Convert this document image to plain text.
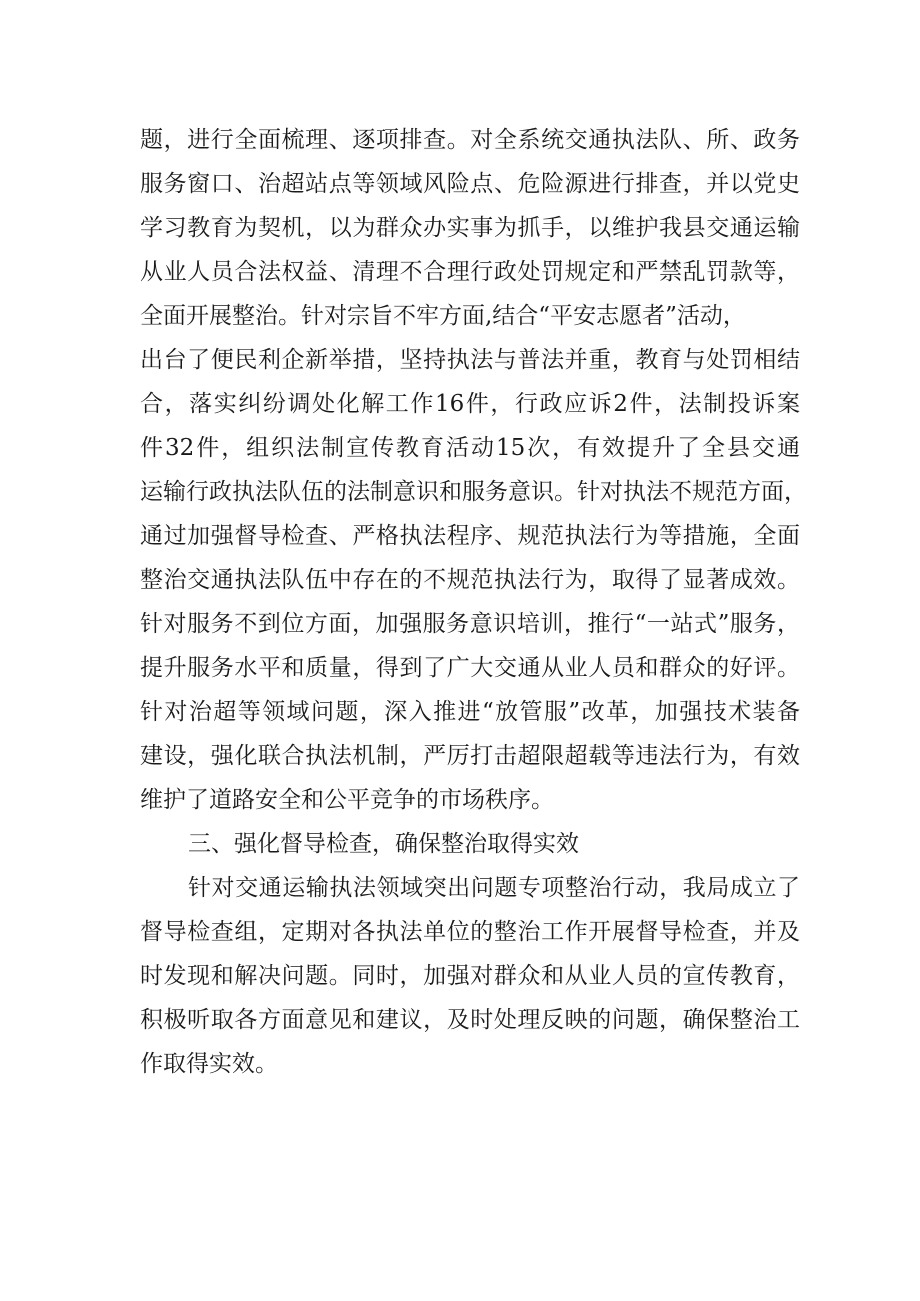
题，进行全面梳理、逐项排查。对全系统交通执法队、所、政务
服务窗口、治超站点等领域风险点、危险源进行排查，并以党史
学习教育为契机，以为群众办实事为抓手，以维护我县交通运输
从业人员合法权益、清理不合理行政处罚规定和严禁乱罚款等，
全面开展整治。针对宗旨不牢方面,结合“平安志愿者”活动，
出台了便民利企新举措，坚持执法与普法并重，教育与处罚相结
合，落实纠纷调处化解工作16件，行政应诉2件，法制投诉案
件32件，组织法制宣传教育活动15次，有效提升了全县交通
运输行政执法队伍的法制意识和服务意识。针对执法不规范方面，
通过加强督导检查、严格执法程序、规范执法行为等措施，全面
整治交通执法队伍中存在的不规范执法行为，取得了显著成效。
针对服务不到位方面，加强服务意识培训，推行“一站式”服务，
提升服务水平和质量，得到了广大交通从业人员和群众的好评。
针对治超等领域问题，深入推进“放管服”改革，加强技术装备
建设，强化联合执法机制，严厉打击超限超载等违法行为，有效
维护了道路安全和公平竞争的市场秩序。
三、强化督导检查，确保整治取得实效
针对交通运输执法领域突出问题专项整治行动，我局成立了
督导检查组，定期对各执法单位的整治工作开展督导检查，并及
时发现和解决问题。同时，加强对群众和从业人员的宣传教育，
积极听取各方面意见和建议，及时处理反映的问题，确保整治工
作取得实效。
